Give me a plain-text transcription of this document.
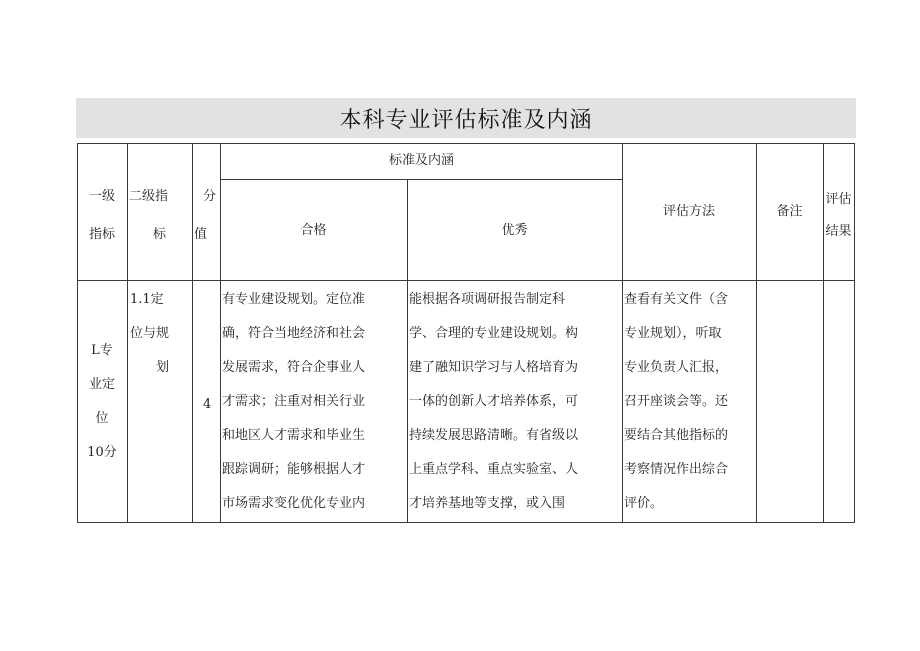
本科专业评估标准及内涵
一级
指标
二级指
标
分
值
标准及内涵
合格	优秀
评估方法	备注
评估
结果
L专
业定
位
10分
1.1定
位与规
划
4
有专业建设规划。定位准
确，符合当地经济和社会
发展需求，符合企事业人
才需求；注重对相关行业
和地区人才需求和毕业生
跟踪调研；能够根据人才
市场需求变化优化专业内
能根据各项调研报告制定科
学、合理的专业建设规划。构
建了融知识学习与人格培育为
一体的创新人才培养体系，可
持续发展思路清晰。有省级以
上重点学科、重点实验室、人
才培养基地等支撑，或入围
查看有关文件（含
专业规划），听取
专业负责人汇报，
召开座谈会等。还
要结合其他指标的
考察情况作出综合
评价。
